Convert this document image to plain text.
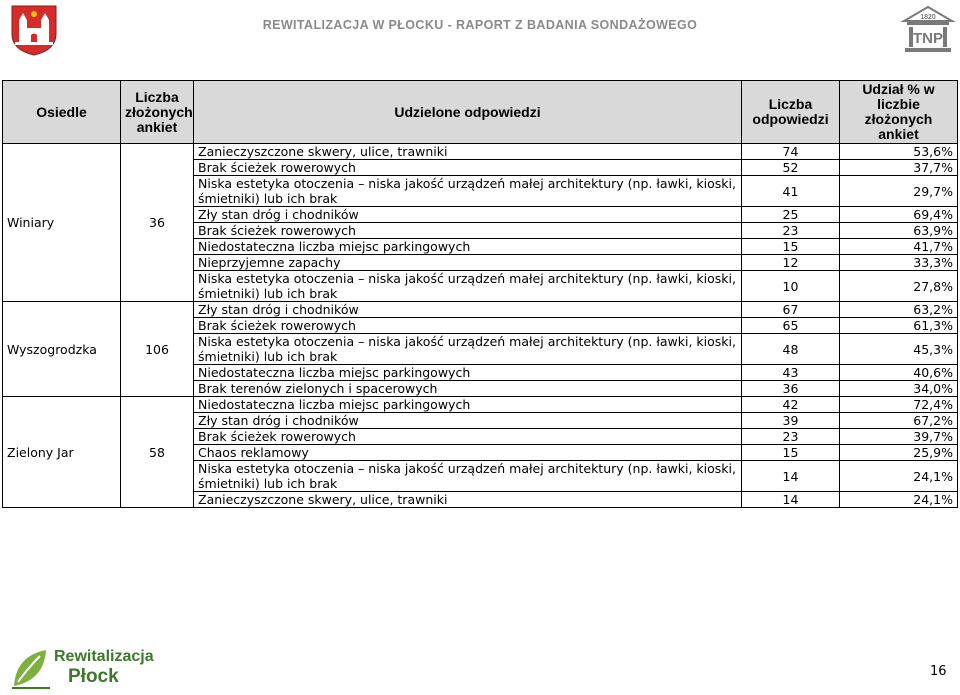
REWITALIZACJA W PŁOCKU - RAPORT Z BADANIA SONDAŻOWEGO
1820
TNP
Osiedle	Liczba złożonych ankiet	Udzielone odpowiedzi	Liczba odpowiedzi	Udział % w liczbie złożonych ankiet
Winiary	36	Zanieczyszczone skwery, ulice, trawniki	74	53,6%
		Brak ścieżek rowerowych	52	37,7%
		Niska estetyka otoczenia – niska jakość urządzeń małej architektury (np. ławki, kioski, śmietniki) lub ich brak	41	29,7%
		Zły stan dróg i chodników	25	69,4%
		Brak ścieżek rowerowych	23	63,9%
		Niedostateczna liczba miejsc parkingowych	15	41,7%
		Nieprzyjemne zapachy	12	33,3%
		Niska estetyka otoczenia – niska jakość urządzeń małej architektury (np. ławki, kioski, śmietniki) lub ich brak	10	27,8%
Wyszogrodzka	106	Zły stan dróg i chodników	67	63,2%
		Brak ścieżek rowerowych	65	61,3%
		Niska estetyka otoczenia – niska jakość urządzeń małej architektury (np. ławki, kioski, śmietniki) lub ich brak	48	45,3%
		Niedostateczna liczba miejsc parkingowych	43	40,6%
		Brak terenów zielonych i spacerowych	36	34,0%
Zielony Jar	58	Niedostateczna liczba miejsc parkingowych	42	72,4%
		Zły stan dróg i chodników	39	67,2%
		Brak ścieżek rowerowych	23	39,7%
		Chaos reklamowy	15	25,9%
		Niska estetyka otoczenia – niska jakość urządzeń małej architektury (np. ławki, kioski, śmietniki) lub ich brak	14	24,1%
		Zanieczyszczone skwery, ulice, trawniki	14	24,1%
Rewitalizacja
Płock	16
